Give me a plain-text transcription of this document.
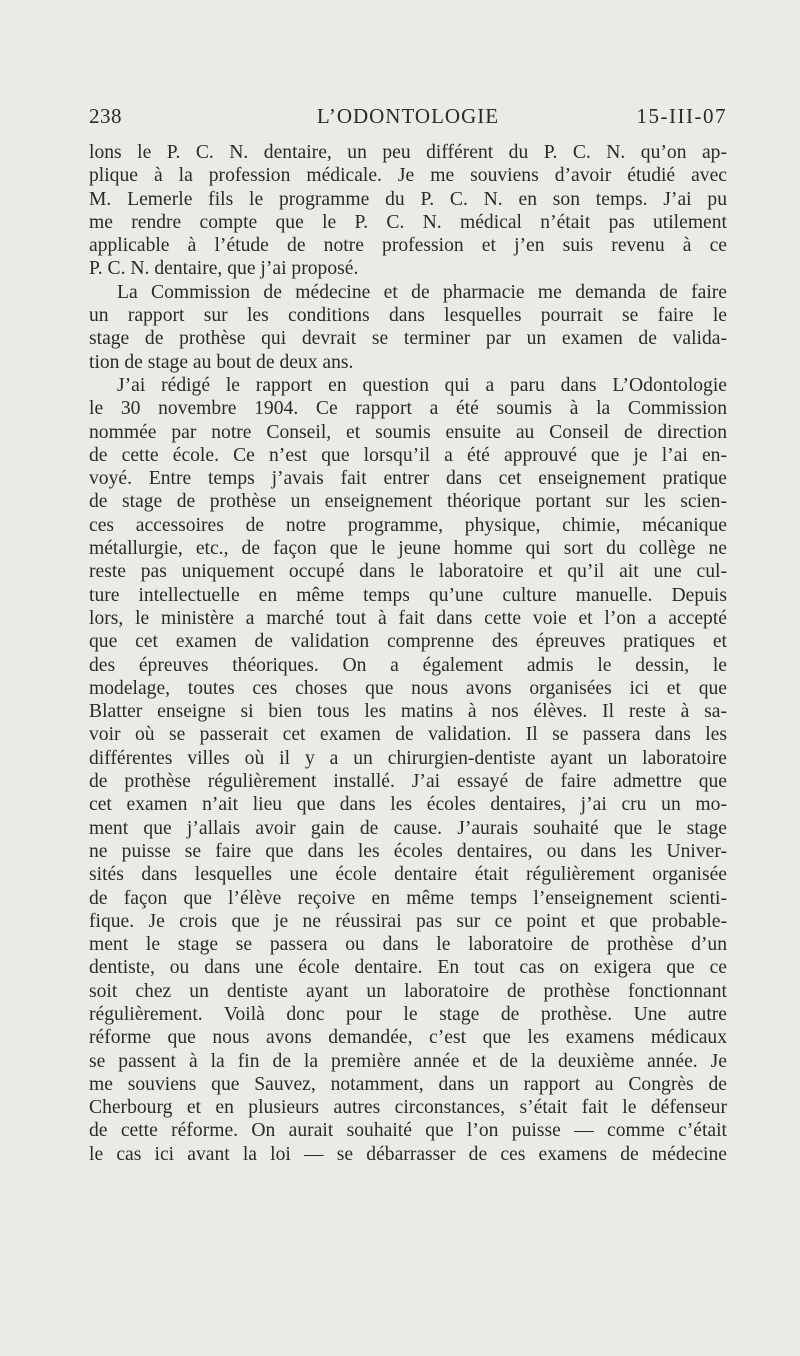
238	L’ODONTOLOGIE	15-III-07
lons le P. C. N. dentaire, un peu différent du P. C. N. qu’on ap-
plique à la profession médicale. Je me souviens d’avoir étudié avec
M. Lemerle fils le programme du P. C. N. en son temps. J’ai pu
me rendre compte que le P. C. N. médical n’était pas utilement
applicable à l’étude de notre profession et j’en suis revenu à ce
P. C. N. dentaire, que j’ai proposé.
La Commission de médecine et de pharmacie me demanda de faire
un rapport sur les conditions dans lesquelles pourrait se faire le
stage de prothèse qui devrait se terminer par un examen de valida-
tion de stage au bout de deux ans.
J’ai rédigé le rapport en question qui a paru dans L’Odontologie
le 30 novembre 1904. Ce rapport a été soumis à la Commission
nommée par notre Conseil, et soumis ensuite au Conseil de direction
de cette école. Ce n’est que lorsqu’il a été approuvé que je l’ai en-
voyé. Entre temps j’avais fait entrer dans cet enseignement pratique
de stage de prothèse un enseignement théorique portant sur les scien-
ces accessoires de notre programme, physique, chimie, mécanique
métallurgie, etc., de façon que le jeune homme qui sort du collège ne
reste pas uniquement occupé dans le laboratoire et qu’il ait une cul-
ture intellectuelle en même temps qu’une culture manuelle. Depuis
lors, le ministère a marché tout à fait dans cette voie et l’on a accepté
que cet examen de validation comprenne des épreuves pratiques et
des épreuves théoriques. On a également admis le dessin, le
modelage, toutes ces choses que nous avons organisées ici et que
Blatter enseigne si bien tous les matins à nos élèves. Il reste à sa-
voir où se passerait cet examen de validation. Il se passera dans les
différentes villes où il y a un chirurgien-dentiste ayant un laboratoire
de prothèse régulièrement installé. J’ai essayé de faire admettre que
cet examen n’ait lieu que dans les écoles dentaires, j’ai cru un mo-
ment que j’allais avoir gain de cause. J’aurais souhaité que le stage
ne puisse se faire que dans les écoles dentaires, ou dans les Univer-
sités dans lesquelles une école dentaire était régulièrement organisée
de façon que l’élève reçoive en même temps l’enseignement scienti-
fique. Je crois que je ne réussirai pas sur ce point et que probable-
ment le stage se passera ou dans le laboratoire de prothèse d’un
dentiste, ou dans une école dentaire. En tout cas on exigera que ce
soit chez un dentiste ayant un laboratoire de prothèse fonctionnant
régulièrement. Voilà donc pour le stage de prothèse. Une autre
réforme que nous avons demandée, c’est que les examens médicaux
se passent à la fin de la première année et de la deuxième année. Je
me souviens que Sauvez, notamment, dans un rapport au Congrès de
Cherbourg et en plusieurs autres circonstances, s’était fait le défenseur
de cette réforme. On aurait souhaité que l’on puisse — comme c’était
le cas ici avant la loi — se débarrasser de ces examens de médecine
